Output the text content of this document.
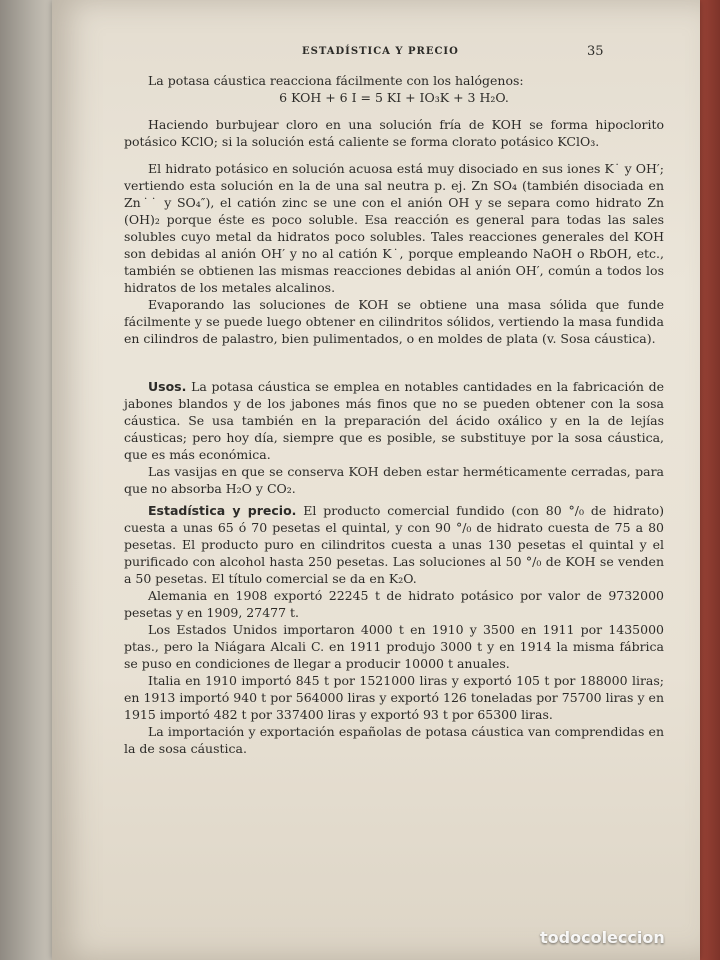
ESTADÍSTICA Y PRECIO	35

La potasa cáustica reacciona fácilmente con los halógenos:

6 KOH + 6 I = 5 KI + IO₃K + 3 H₂O.

Haciendo burbujear cloro en una solución fría de KOH se forma hipoclorito potásico KClO; si la solución está caliente se forma clorato potásico KClO₃.

El hidrato potásico en solución acuosa está muy disociado en sus iones K˙ y OH′; vertiendo esta solución en la de una sal neutra p. ej. Zn SO₄ (también disociada en Zn˙˙ y SO₄″), el catión zinc se une con el anión OH y se separa como hidrato Zn (OH)₂ porque éste es poco soluble. Esa reacción es general para todas las sales solubles cuyo metal da hidratos poco solubles. Tales reacciones generales del KOH son debidas al anión OH′ y no al catión K˙, porque empleando NaOH o RbOH, etc., también se obtienen las mismas reacciones debidas al anión OH′, común a todos los hidratos de los metales alcalinos.

Evaporando las soluciones de KOH se obtiene una masa sólida que funde fácilmente y se puede luego obtener en cilindritos sólidos, vertiendo la masa fundida en cilindros de palastro, bien pulimentados, o en moldes de plata (v. Sosa cáustica).

Usos. La potasa cáustica se emplea en notables cantidades en la fabricación de jabones blandos y de los jabones más finos que no se pueden obtener con la sosa cáustica. Se usa también en la preparación del ácido oxálico y en la de lejías cáusticas; pero hoy día, siempre que es posible, se substituye por la sosa cáustica, que es más económica.

Las vasijas en que se conserva KOH deben estar herméticamente cerradas, para que no absorba H₂O y CO₂.

Estadística y precio. El producto comercial fundido (con 80 °/₀ de hidrato) cuesta a unas 65 ó 70 pesetas el quintal, y con 90 °/₀ de hidrato cuesta de 75 a 80 pesetas. El producto puro en cilindritos cuesta a unas 130 pesetas el quintal y el purificado con alcohol hasta 250 pesetas. Las soluciones al 50 °/₀ de KOH se venden a 50 pesetas. El título comercial se da en K₂O.

Alemania en 1908 exportó 22245 t de hidrato potásico por valor de 9732000 pesetas y en 1909, 27477 t.

Los Estados Unidos importaron 4000 t en 1910 y 3500 en 1911 por 1435000 ptas., pero la Niágara Alcali C. en 1911 produjo 3000 t y en 1914 la misma fábrica se puso en condiciones de llegar a producir 10000 t anuales.

Italia en 1910 importó 845 t por 1521000 liras y exportó 105 t por 188000 liras; en 1913 importó 940 t por 564000 liras y exportó 126 toneladas por 75700 liras y en 1915 importó 482 t por 337400 liras y exportó 93 t por 65300 liras.

La importación y exportación españolas de potasa cáustica van comprendidas en la de sosa cáustica.

todocoleccion
